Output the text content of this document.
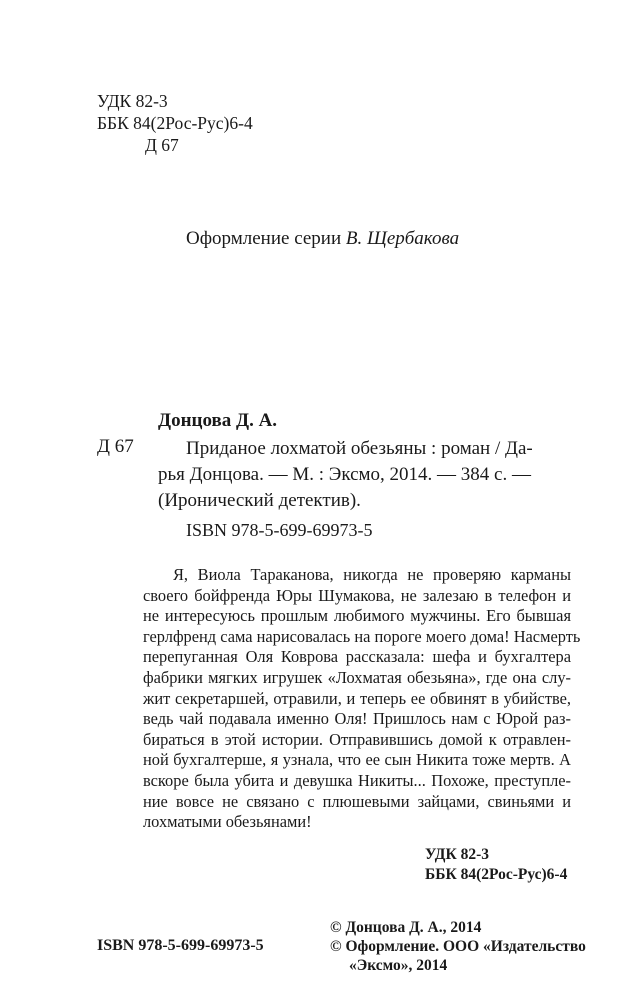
УДК 82-3
ББК 84(2Рос-Рус)6-4
Д 67
Оформление серии В. Щербакова
Донцова Д. А.
Д 67	Приданое лохматой обезьяны : роман / Да-
рья Донцова. — М. : Эксмо, 2014. — 384 с. —
(Иронический детектив).
ISBN 978-5-699-69973-5
Я, Виола Тараканова, никогда не проверяю карманы
своего бойфренда Юры Шумакова, не залезаю в телефон и
не интересуюсь прошлым любимого мужчины. Его бывшая
герлфренд сама нарисовалась на пороге моего дома! Насмерть
перепуганная Оля Коврова рассказала: шефа и бухгалтера
фабрики мягких игрушек «Лохматая обезьяна», где она слу-
жит секретаршей, отравили, и теперь ее обвинят в убийстве,
ведь чай подавала именно Оля! Пришлось нам с Юрой раз-
бираться в этой истории. Отправившись домой к отравлен-
ной бухгалтерше, я узнала, что ее сын Никита тоже мертв. А
вскоре была убита и девушка Никиты... Похоже, преступле-
ние вовсе не связано с плюшевыми зайцами, свиньями и
лохматыми обезьянами!
УДК 82-3
ББК 84(2Рос-Рус)6-4
© Донцова Д. А., 2014
© Оформление. ООО «Издательство
«Эксмо», 2014
ISBN 978-5-699-69973-5
